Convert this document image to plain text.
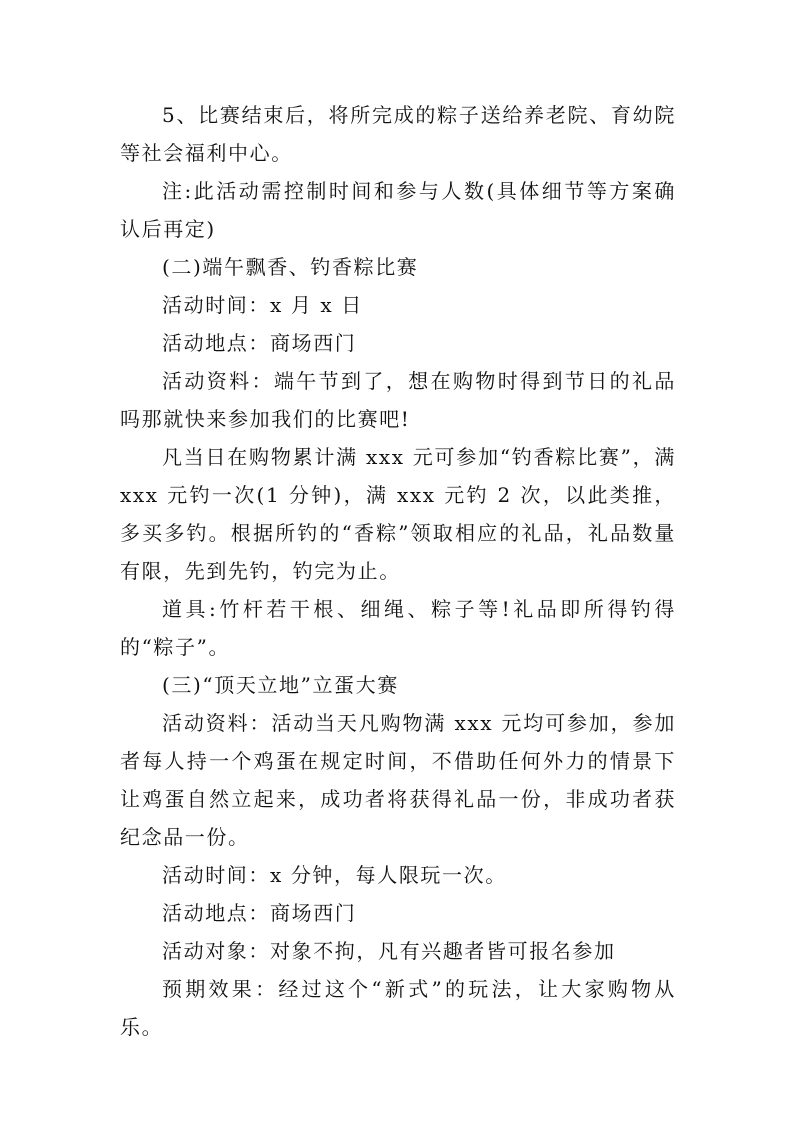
5、比赛结束后，将所完成的粽子送给养老院、育幼院等社会福利中心。

注:此活动需控制时间和参与人数(具体细节等方案确认后再定)

(二)端午飘香、钓香粽比赛

活动时间：x 月 x 日

活动地点：商场西门

活动资料：端午节到了，想在购物时得到节日的礼品吗那就快来参加我们的比赛吧!

凡当日在购物累计满 xxx 元可参加“钓香粽比赛”，满 xxx 元钓一次(1 分钟)，满 xxx 元钓 2 次，以此类推，多买多钓。根据所钓的“香粽”领取相应的礼品，礼品数量有限，先到先钓，钓完为止。

道具:竹杆若干根、细绳、粽子等!礼品即所得钓得的“粽子”。

(三)“顶天立地”立蛋大赛

活动资料：活动当天凡购物满 xxx 元均可参加，参加者每人持一个鸡蛋在规定时间，不借助任何外力的情景下让鸡蛋自然立起来，成功者将获得礼品一份，非成功者获纪念品一份。

活动时间：x 分钟，每人限玩一次。

活动地点：商场西门

活动对象：对象不拘，凡有兴趣者皆可报名参加

预期效果：经过这个“新式”的玩法，让大家购物从乐。
